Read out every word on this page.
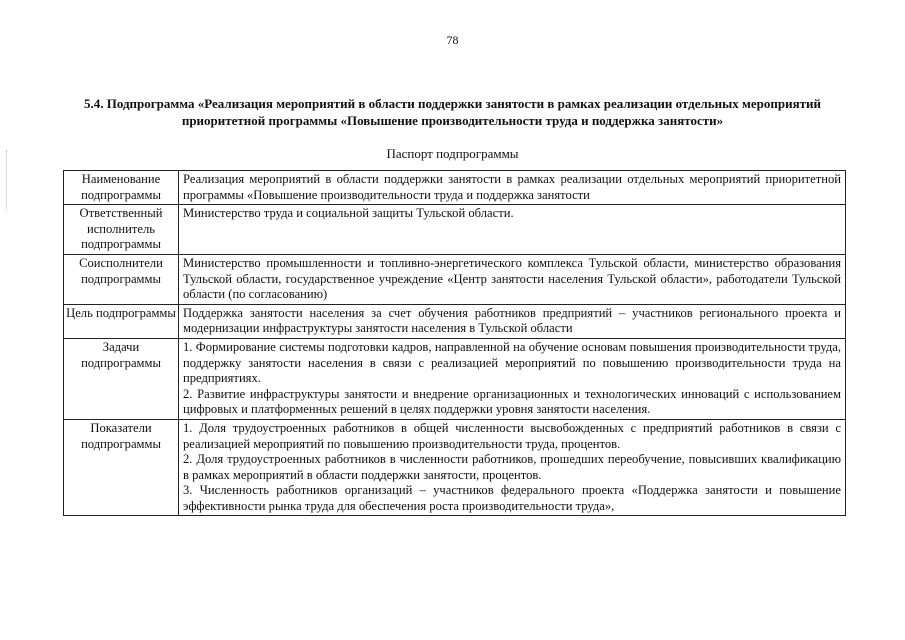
78
5.4. Подпрограмма «Реализация мероприятий в области поддержки занятости в рамках реализации отдельных мероприятий приоритетной программы «Повышение производительности труда и поддержка занятости»
Паспорт подпрограммы
Наименование подпрограммы	Реализация мероприятий в области поддержки занятости в рамках реализации отдельных мероприятий приоритетной программы «Повышение производительности труда и поддержка занятости

Ответственный исполнитель подпрограммы	Министерство труда и социальной защиты Тульской области.

Соисполнители подпрограммы	Министерство промышленности и топливно-энергетического комплекса Тульской области, министерство образования Тульской области, государственное учреждение «Центр занятости населения Тульской области», работодатели Тульской области (по согласованию)

Цель подпрограммы	Поддержка занятости населения за счет обучения работников предприятий – участников регионального проекта и модернизации инфраструктуры занятости населения в Тульской области

Задачи подпрограммы	1. Формирование системы подготовки кадров, направленной на обучение основам повышения производительности труда, поддержку занятости населения в связи с реализацией мероприятий по повышению производительности труда на предприятиях.

2. Развитие инфраструктуры занятости и внедрение организационных и технологических инноваций с использованием цифровых и платформенных решений в целях поддержки уровня занятости населения.

Показатели подпрограммы	1. Доля трудоустроенных работников в общей численности высвобожденных с предприятий работников в связи с реализацией мероприятий по повышению производительности труда, процентов.

2. Доля трудоустроенных работников в численности работников, прошедших переобучение, повысивших квалификацию в рамках мероприятий в области поддержки занятости, процентов.

3. Численность работников организаций – участников федерального проекта «Поддержка занятости и повышение эффективности рынка труда для обеспечения роста производительности труда»,
